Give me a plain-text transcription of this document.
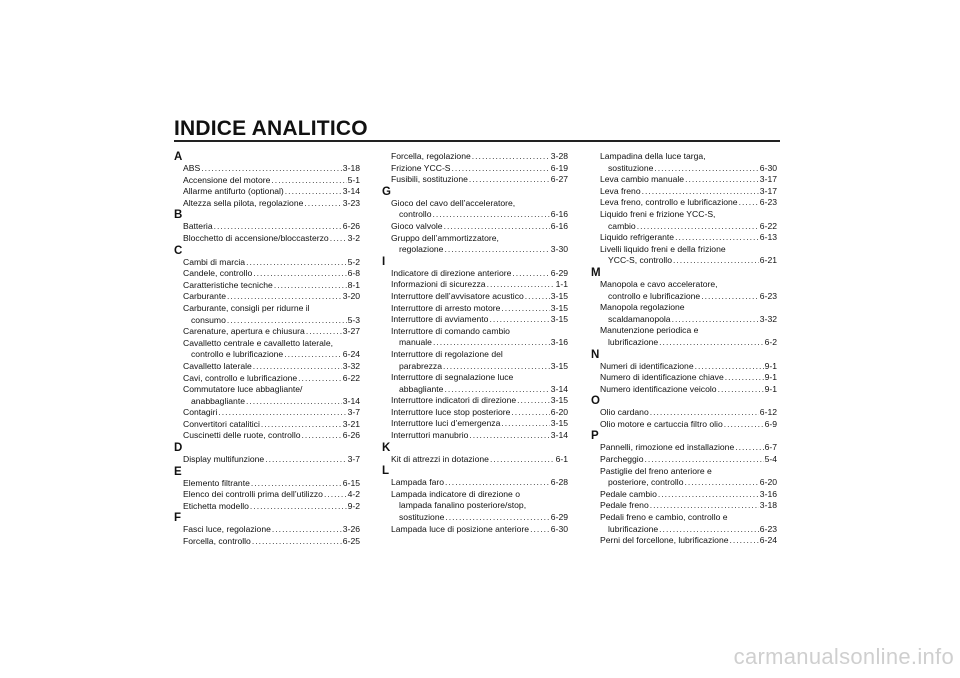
INDICE ANALITICO
A
ABS .....	3-18
Accensione del motore .....	5-1
Allarme antifurto (optional) .....	3-14
Altezza sella pilota, regolazione .....	3-23
B
Batteria .....	6-26
Blocchetto di accensione/bloccasterzo ..... 3-2
C
Cambi di marcia .....	5-2
Candele, controllo .....	6-8
Caratteristiche tecniche .....	8-1
Carburante .....	3-20
Carburante, consigli per ridurne il
consumo .....	5-3
Carenature, apertura e chiusura .....	3-27
Cavalletto centrale e cavalletto laterale,
controllo e lubrificazione .....	6-24
Cavalletto laterale .....	3-32
Cavi, controllo e lubrificazione .....	6-22
Commutatore luce abbagliante/
anabbagliante .....	3-14
Contagiri .....	3-7
Convertitori catalitici .....	3-21
Cuscinetti delle ruote, controllo .....	6-26
D
Display multifunzione .....	3-7
E
Elemento filtrante .....	6-15
Elenco dei controlli prima dell’utilizzo .....	4-2
Etichetta modello .....	9-2
F
Fasci luce, regolazione .....	3-26
Forcella, controllo .....	6-25
Forcella, regolazione .....	3-28
Frizione YCC-S .....	6-19
Fusibili, sostituzione .....	6-27
G
Gioco del cavo dell’acceleratore,
controllo .....	6-16
Gioco valvole .....	6-16
Gruppo dell’ammortizzatore,
regolazione .....	3-30
I
Indicatore di direzione anteriore .....	6-29
Informazioni di sicurezza .....	1-1
Interruttore dell’avvisatore acustico .....	3-15
Interruttore di arresto motore .....	3-15
Interruttore di avviamento .....	3-15
Interruttore di comando cambio
manuale .....	3-16
Interruttore di regolazione del
parabrezza .....	3-15
Interruttore di segnalazione luce
abbagliante .....	3-14
Interruttore indicatori di direzione .....	3-15
Interruttore luce stop posteriore .....	6-20
Interruttore luci d’emergenza .....	3-15
Interruttori manubrio .....	3-14
K
Kit di attrezzi in dotazione .....	6-1
L
Lampada faro .....	6-28
Lampada indicatore di direzione o
lampada fanalino posteriore/stop,
sostituzione .....	6-29
Lampada luce di posizione anteriore .....	6-30
Lampadina della luce targa,
sostituzione .....	6-30
Leva cambio manuale .....	3-17
Leva freno .....	3-17
Leva freno, controllo e lubrificazione .....	6-23
Liquido freni e frizione YCC-S,
cambio .....	6-22
Liquido refrigerante .....	6-13
Livelli liquido freni e della frizione
YCC-S, controllo .....	6-21
M
Manopola e cavo acceleratore,
controllo e lubrificazione .....	6-23
Manopola regolazione
scaldamanopola .....	3-32
Manutenzione periodica e
lubrificazione .....	6-2
N
Numeri di identificazione .....	9-1
Numero di identificazione chiave .....	9-1
Numero identificazione veicolo .....	9-1
O
Olio cardano .....	6-12
Olio motore e cartuccia filtro olio .....	6-9
P
Pannelli, rimozione ed installazione .....	6-7
Parcheggio .....	5-4
Pastiglie del freno anteriore e
posteriore, controllo .....	6-20
Pedale cambio .....	3-16
Pedale freno .....	3-18
Pedali freno e cambio, controllo e
lubrificazione .....	6-23
Perni del forcellone, lubrificazione .....	6-24
carmanualsonline.info
